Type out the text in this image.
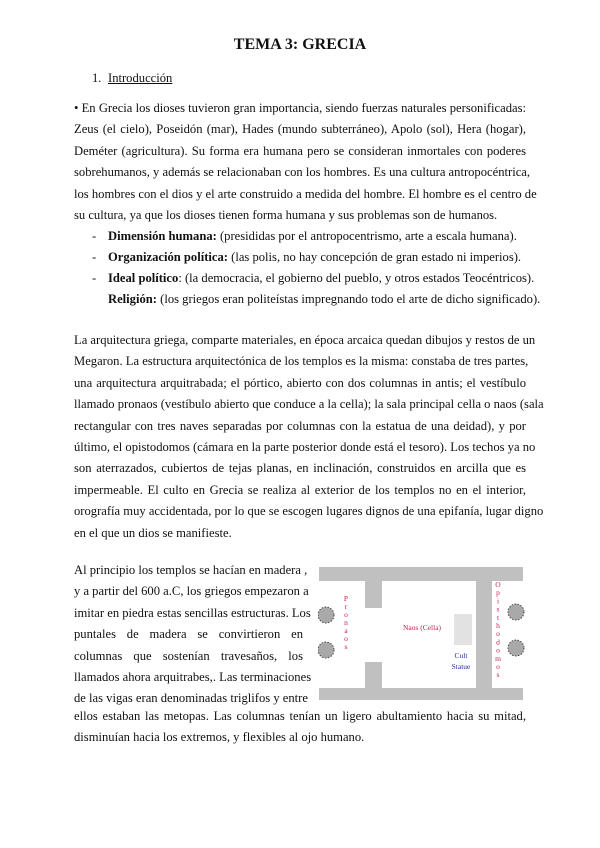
TEMA 3: GRECIA
1. Introducción
• En Grecia los dioses tuvieron gran importancia, siendo fuerzas naturales personificadas:
Zeus (el cielo), Poseidón (mar), Hades (mundo subterráneo), Apolo (sol), Hera (hogar),
Deméter (agricultura). Su forma era humana pero se consideran inmortales con poderes
sobrehumanos, y además se relacionaban con los hombres. Es una cultura antropocéntrica,
los hombres con el dios y el arte construido a medida del hombre. El hombre es el centro de
su cultura, ya que los dioses tienen forma humana y sus problemas son de humanos.
- Dimensión humana: (presididas por el antropocentrismo, arte a escala humana).
- Organización política: (las polis, no hay concepción de gran estado ni imperios).
- Ideal político: (la democracia, el gobierno del pueblo, y otros estados Teocéntricos).
Religión: (los griegos eran politeístas impregnando todo el arte de dicho significado).
La arquitectura griega, comparte materiales, en época arcaica quedan dibujos y restos de un
Megaron. La estructura arquitectónica de los templos es la misma: constaba de tres partes,
una arquitectura arquitrabada; el pórtico, abierto con dos columnas in antis; el vestíbulo
llamado pronaos (vestíbulo abierto que conduce a la cella); la sala principal cella o naos (sala
rectangular con tres naves separadas por columnas con la estatua de una deidad), y por
último, el opistodomos (cámara en la parte posterior donde está el tesoro). Los techos ya no
son aterrazados, cubiertos de tejas planas, en inclinación, construidos en arcilla que es
impermeable. El culto en Grecia se realiza al exterior de los templos no en el interior,
orografía muy accidentada, por lo que se escogen lugares dignos de una epifanía, lugar digno
en el que un dios se manifieste.
Al principio los templos se hacían en madera ,
y a partir del 600 a.C, los griegos empezaron a
imitar en piedra estas sencillas estructuras. Los
puntales de madera se convirtieron en
columnas que sostenían travesaños, los
llamados ahora arquitrabes,. Las terminaciones
de las vigas eran denominadas triglifos y entre
ellos estaban las metopas. Las columnas tenían un ligero abultamiento hacia su mitad,
disminuían hacia los extremos, y flexibles al ojo humano.
P r o n a o s
Naos (Cella)
Cult
Statue
O p i s t h o d o m o s
